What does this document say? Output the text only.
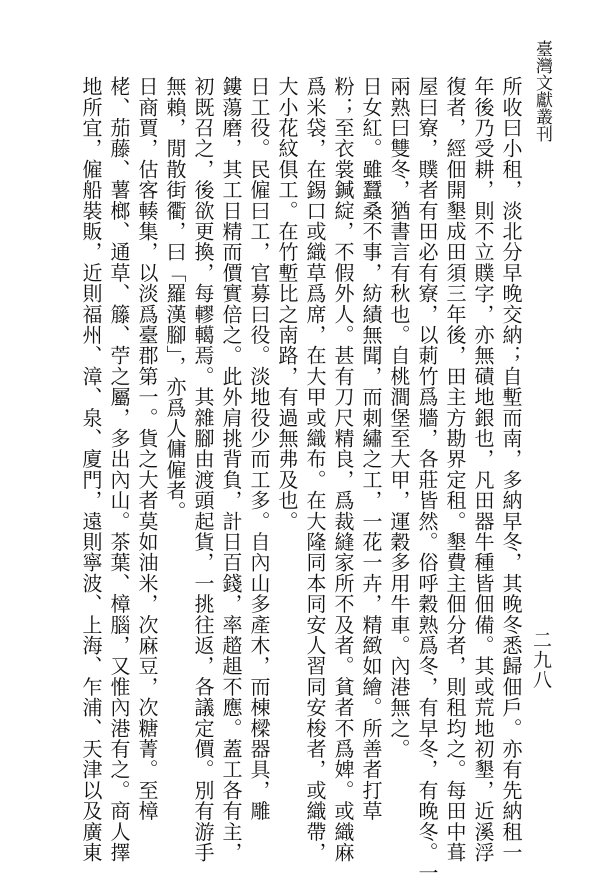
臺灣文獻叢刊
二九八
所收曰小租，淡北分早晚交納；自塹而南，多納早冬，其晚冬悉歸佃戶。亦有先納租一
年後乃受耕，則不立贌字，亦無磧地銀也，凡田器牛種皆佃備。其或荒地初墾，近溪浮
復者，經佃開墾成田須三年後，田主方勘界定租。墾費主佃分者，則租均之。每田中葺
屋曰寮，贌者有田必有寮，以莿竹爲牆，各莊皆然。俗呼穀熟爲冬，有早冬，有晚冬。一
兩熟曰雙冬，猶書言有秋也。自桃澗堡至大甲，運穀多用牛車。內港無之。
日女紅。雖蠶桑不事，紡績無聞，而刺繡之工，一花一卉，精緻如繪。所善者打草
粉；至衣裳鍼綻，不假外人。甚有刀尺精良，爲裁縫家所不及者。貧者不爲婢。或織麻
爲米袋，在錫口或織草爲席，在大甲或織布。在大隆同本同安人習同安梭者，或織帶，
大小花紋俱工。在竹塹比之南路，有過無弗及也。
日工役。民僱曰工，官募曰役。淡地役少而工多。自內山多產木，而棟樑器具，雕
鏤蕩磨，其工日精而價實倍之。此外肩挑背負，計日百錢，率趦趄不應。蓋工各有主，
初既召之，後欲更換，每轇轕焉。其雜腳由渡頭起貨，一挑往返，各議定價。別有游手
無賴，閒散街衢，曰「羅漢腳」，亦爲人傭僱者。
日商賈，估客輳集，以淡爲臺郡第一。貨之大者莫如油米，次麻豆，次糖菁。至樟
栳、茄藤、薯榔、通草、籐、苧之屬，多出內山。茶葉、樟腦，又惟內港有之。商人擇
地所宜，僱船裝販，近則福州、漳、泉、廈門，遠則寧波、上海、乍浦、天津以及廣東
